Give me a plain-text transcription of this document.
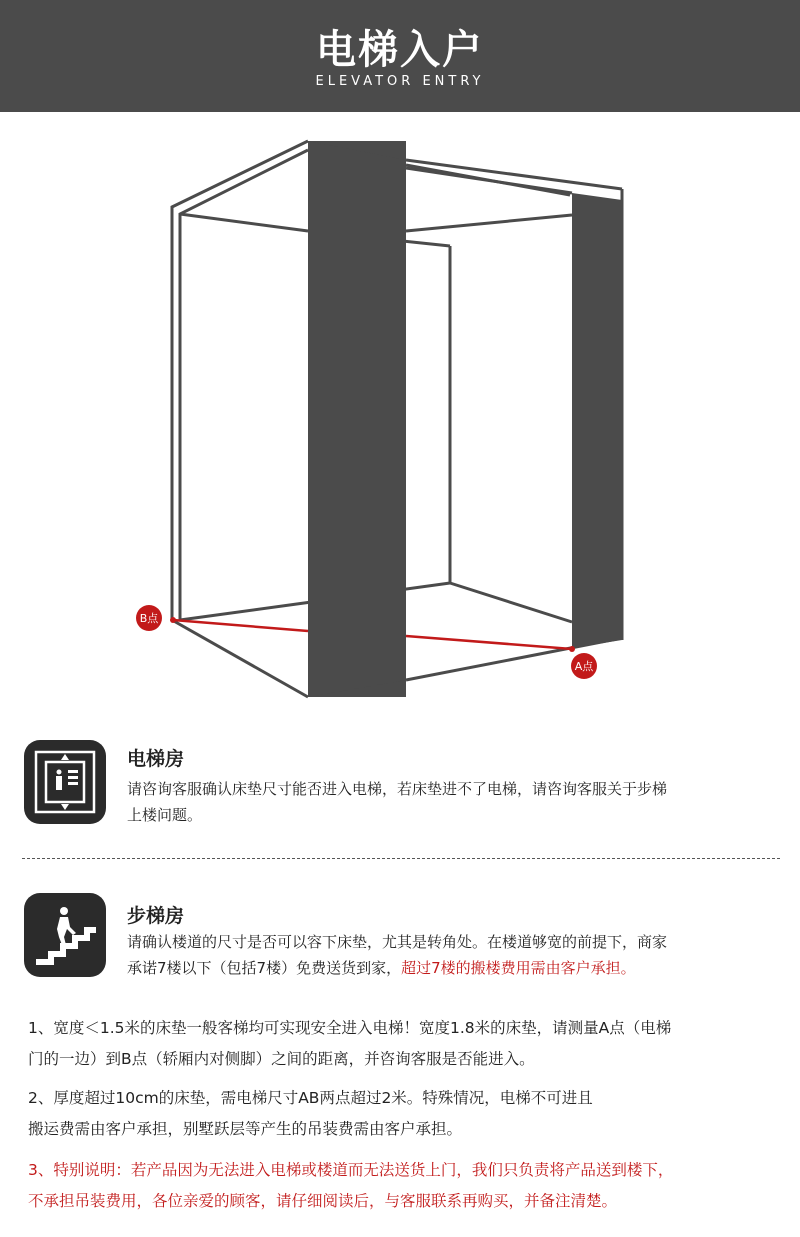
电梯入户
ELEVATOR ENTRY
B点
A点
电梯房
请咨询客服确认床垫尺寸能否进入电梯，若床垫进不了电梯，请咨询客服关于步梯
上楼问题。
步梯房
请确认楼道的尺寸是否可以容下床垫，尤其是转角处。在楼道够宽的前提下，商家
承诺7楼以下（包括7楼）免费送货到家，超过7楼的搬楼费用需由客户承担。
1、宽度＜1.5米的床垫一般客梯均可实现安全进入电梯！宽度1.8米的床垫，请测量A点（电梯
门的一边）到B点（轿厢内对侧脚）之间的距离，并咨询客服是否能进入。
2、厚度超过10cm的床垫，需电梯尺寸AB两点超过2米。特殊情况，电梯不可进且
搬运费需由客户承担，别墅跃层等产生的吊装费需由客户承担。
3、特别说明：若产品因为无法进入电梯或楼道而无法送货上门，我们只负责将产品送到楼下，
不承担吊装费用，各位亲爱的顾客，请仔细阅读后，与客服联系再购买，并备注清楚。
